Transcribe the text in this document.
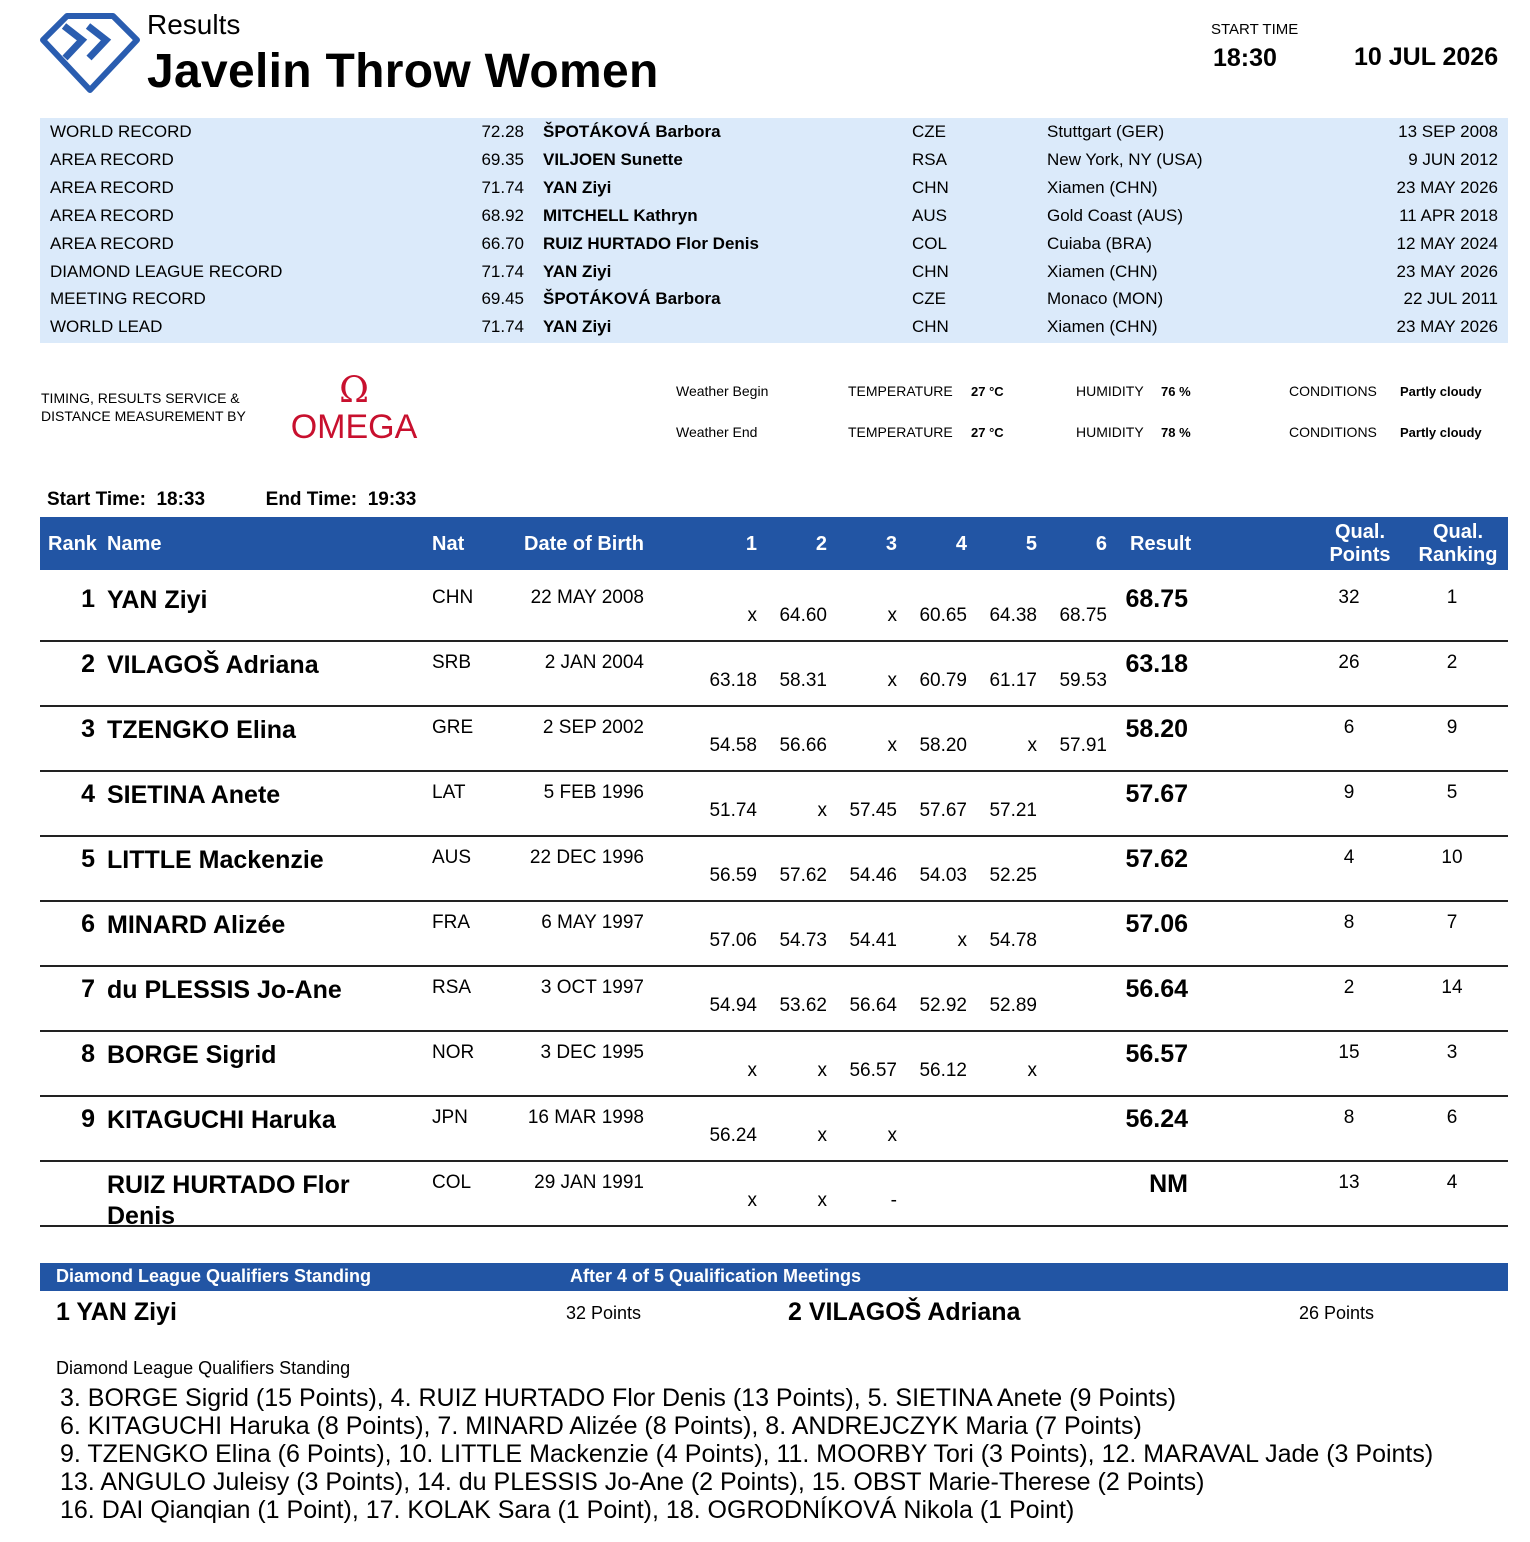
Results
Javelin Throw Women
START TIME
18:30	10 JUL 2026
WORLD RECORD	72.28 ŠPOTÁKOVÁ Barbora	CZE	Stuttgart (GER)	13 SEP 2008
AREA RECORD	69.35 VILJOEN Sunette	RSA	New York, NY (USA)	9 JUN 2012
AREA RECORD	71.74 YAN Ziyi	CHN	Xiamen (CHN)	23 MAY 2026
AREA RECORD	68.92 MITCHELL Kathryn	AUS	Gold Coast (AUS)	11 APR 2018
AREA RECORD	66.70 RUIZ HURTADO Flor Denis	COL	Cuiaba (BRA)	12 MAY 2024
DIAMOND LEAGUE RECORD	71.74 YAN Ziyi	CHN	Xiamen (CHN)	23 MAY 2026
MEETING RECORD	69.45 ŠPOTÁKOVÁ Barbora	CZE	Monaco (MON)	22 JUL 2011
WORLD LEAD	71.74 YAN Ziyi	CHN	Xiamen (CHN)	23 MAY 2026
TIMING, RESULTS SERVICE &
DISTANCE MEASUREMENT BY
Ω
OMEGA
Weather Begin	TEMPERATURE 27 °C	HUMIDITY 76 %	CONDITIONS Partly cloudy
Weather End	TEMPERATURE 27 °C	HUMIDITY 78 %	CONDITIONS Partly cloudy
Start Time: 18:33	End Time: 19:33
Rank Name	Nat	Date of Birth	1	2	3	4	5	6 Result
Qual.
Points
Qual.
Ranking
1 YAN Ziyi	CHN	22 MAY 2008
x	64.60	x	60.65	64.38	68.75
68.75	32	1
2 VILAGOŠ Adriana	SRB	2 JAN 2004
63.18	58.31	x	60.79	61.17	59.53
63.18	26	2
3 TZENGKO Elina	GRE	2 SEP 2002
54.58	56.66	x	58.20	x	57.91
58.20	6	9
4 SIETINA Anete	LAT	5 FEB 1996
51.74	x	57.45	57.67	57.21
57.67	9	5
5 LITTLE Mackenzie	AUS	22 DEC 1996
56.59	57.62	54.46	54.03	52.25
57.62	4	10
6 MINARD Alizée	FRA	6 MAY 1997
57.06	54.73	54.41	x	54.78
57.06	8	7
7 du PLESSIS Jo-Ane	RSA	3 OCT 1997
54.94	53.62	56.64	52.92	52.89
56.64	2	14
8 BORGE Sigrid	NOR	3 DEC 1995
x	x	56.57	56.12	x
56.57	15	3
9 KITAGUCHI Haruka	JPN	16 MAR 1998
56.24	x	x
56.24	8	6
RUIZ HURTADO Flor
Denis
COL	29 JAN 1991
x	x	-
NM	13	4
Diamond League Qualifiers Standing	After 4 of 5 Qualification Meetings
1 YAN Ziyi	32 Points	2 VILAGOŠ Adriana	26 Points
Diamond League Qualifiers Standing
3. BORGE Sigrid (15 Points), 4. RUIZ HURTADO Flor Denis (13 Points), 5. SIETINA Anete (9 Points)
6. KITAGUCHI Haruka (8 Points), 7. MINARD Alizée (8 Points), 8. ANDREJCZYK Maria (7 Points)
9. TZENGKO Elina (6 Points), 10. LITTLE Mackenzie (4 Points), 11. MOORBY Tori (3 Points), 12. MARAVAL Jade (3 Points)
13. ANGULO Juleisy (3 Points), 14. du PLESSIS Jo-Ane (2 Points), 15. OBST Marie-Therese (2 Points)
16. DAI Qianqian (1 Point), 17. KOLAK Sara (1 Point), 18. OGRODNÍKOVÁ Nikola (1 Point)
